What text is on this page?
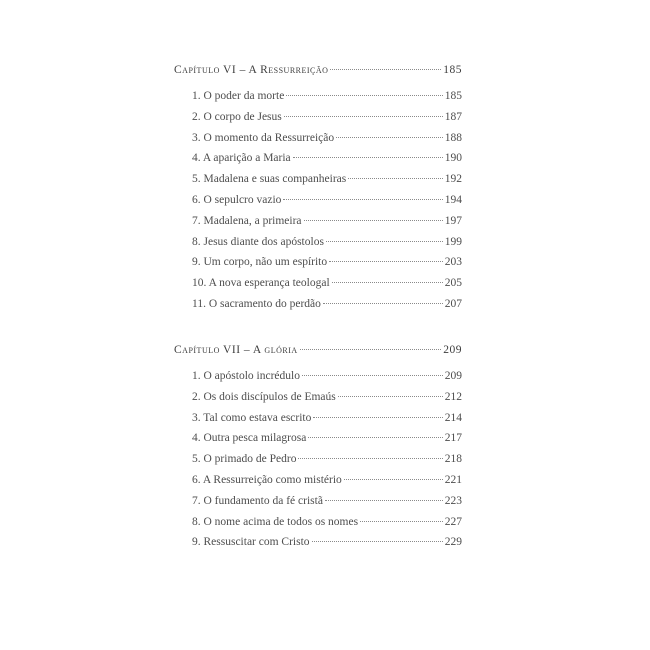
Capítulo VI – A Ressurreição	185
1. O poder da morte	185
2. O corpo de Jesus	187
3. O momento da Ressurreição	188
4. A aparição a Maria	190
5. Madalena e suas companheiras	192
6. O sepulcro vazio	194
7. Madalena, a primeira	197
8. Jesus diante dos apóstolos	199
9. Um corpo, não um espírito	203
10. A nova esperança teologal	205
11. O sacramento do perdão	207
Capítulo VII – A glória	209
1. O apóstolo incrédulo	209
2. Os dois discípulos de Emaús	212
3. Tal como estava escrito	214
4. Outra pesca milagrosa	217
5. O primado de Pedro	218
6. A Ressurreição como mistério	221
7. O fundamento da fé cristã	223
8. O nome acima de todos os nomes	227
9. Ressuscitar com Cristo	229
